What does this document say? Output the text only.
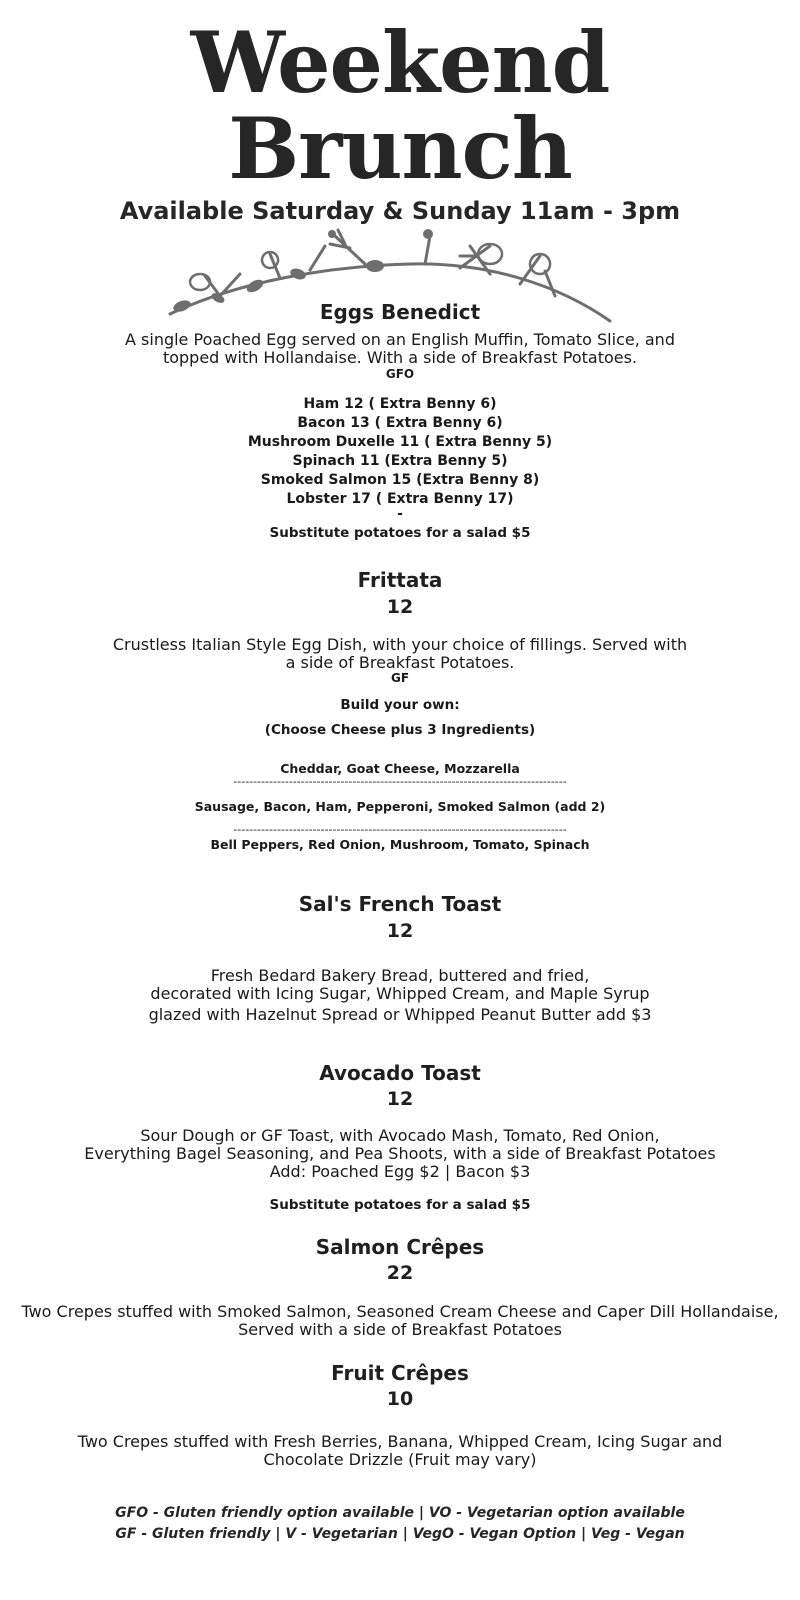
Weekend
Brunch
Available Saturday & Sunday 11am - 3pm
Eggs Benedict
A single Poached Egg served on an English Muffin, Tomato Slice, and
topped with Hollandaise. With a side of Breakfast Potatoes.
GFO
Ham 12 ( Extra Benny 6)
Bacon 13 ( Extra Benny 6)
Mushroom Duxelle 11 ( Extra Benny 5)
Spinach 11 (Extra Benny 5)
Smoked Salmon 15 (Extra Benny 8)
Lobster 17 ( Extra Benny 17)
-
Substitute potatoes for a salad $5
Frittata
12
Crustless Italian Style Egg Dish, with your choice of fillings. Served with
a side of Breakfast Potatoes.
GF
Build your own:
(Choose Cheese plus 3 Ingredients)
Cheddar, Goat Cheese, Mozzarella
------------------------------------------------------------------------------------
Sausage, Bacon, Ham, Pepperoni, Smoked Salmon (add 2)
------------------------------------------------------------------------------------
Bell Peppers, Red Onion, Mushroom, Tomato, Spinach
Sal's French Toast
12
Fresh Bedard Bakery Bread, buttered and fried,
decorated with Icing Sugar, Whipped Cream, and Maple Syrup
glazed with Hazelnut Spread or Whipped Peanut Butter add $3
Avocado Toast
12
Sour Dough or GF Toast, with Avocado Mash, Tomato, Red Onion,
Everything Bagel Seasoning, and Pea Shoots, with a side of Breakfast Potatoes
Add: Poached Egg $2 | Bacon $3
Substitute potatoes for a salad $5
Salmon Crêpes
22
Two Crepes stuffed with Smoked Salmon, Seasoned Cream Cheese and Caper Dill Hollandaise,
Served with a side of Breakfast Potatoes
Fruit Crêpes
10
Two Crepes stuffed with Fresh Berries, Banana, Whipped Cream, Icing Sugar and
Chocolate Drizzle (Fruit may vary)
GFO - Gluten friendly option available | VO - Vegetarian option available
GF - Gluten friendly | V - Vegetarian | VegO - Vegan Option | Veg - Vegan
